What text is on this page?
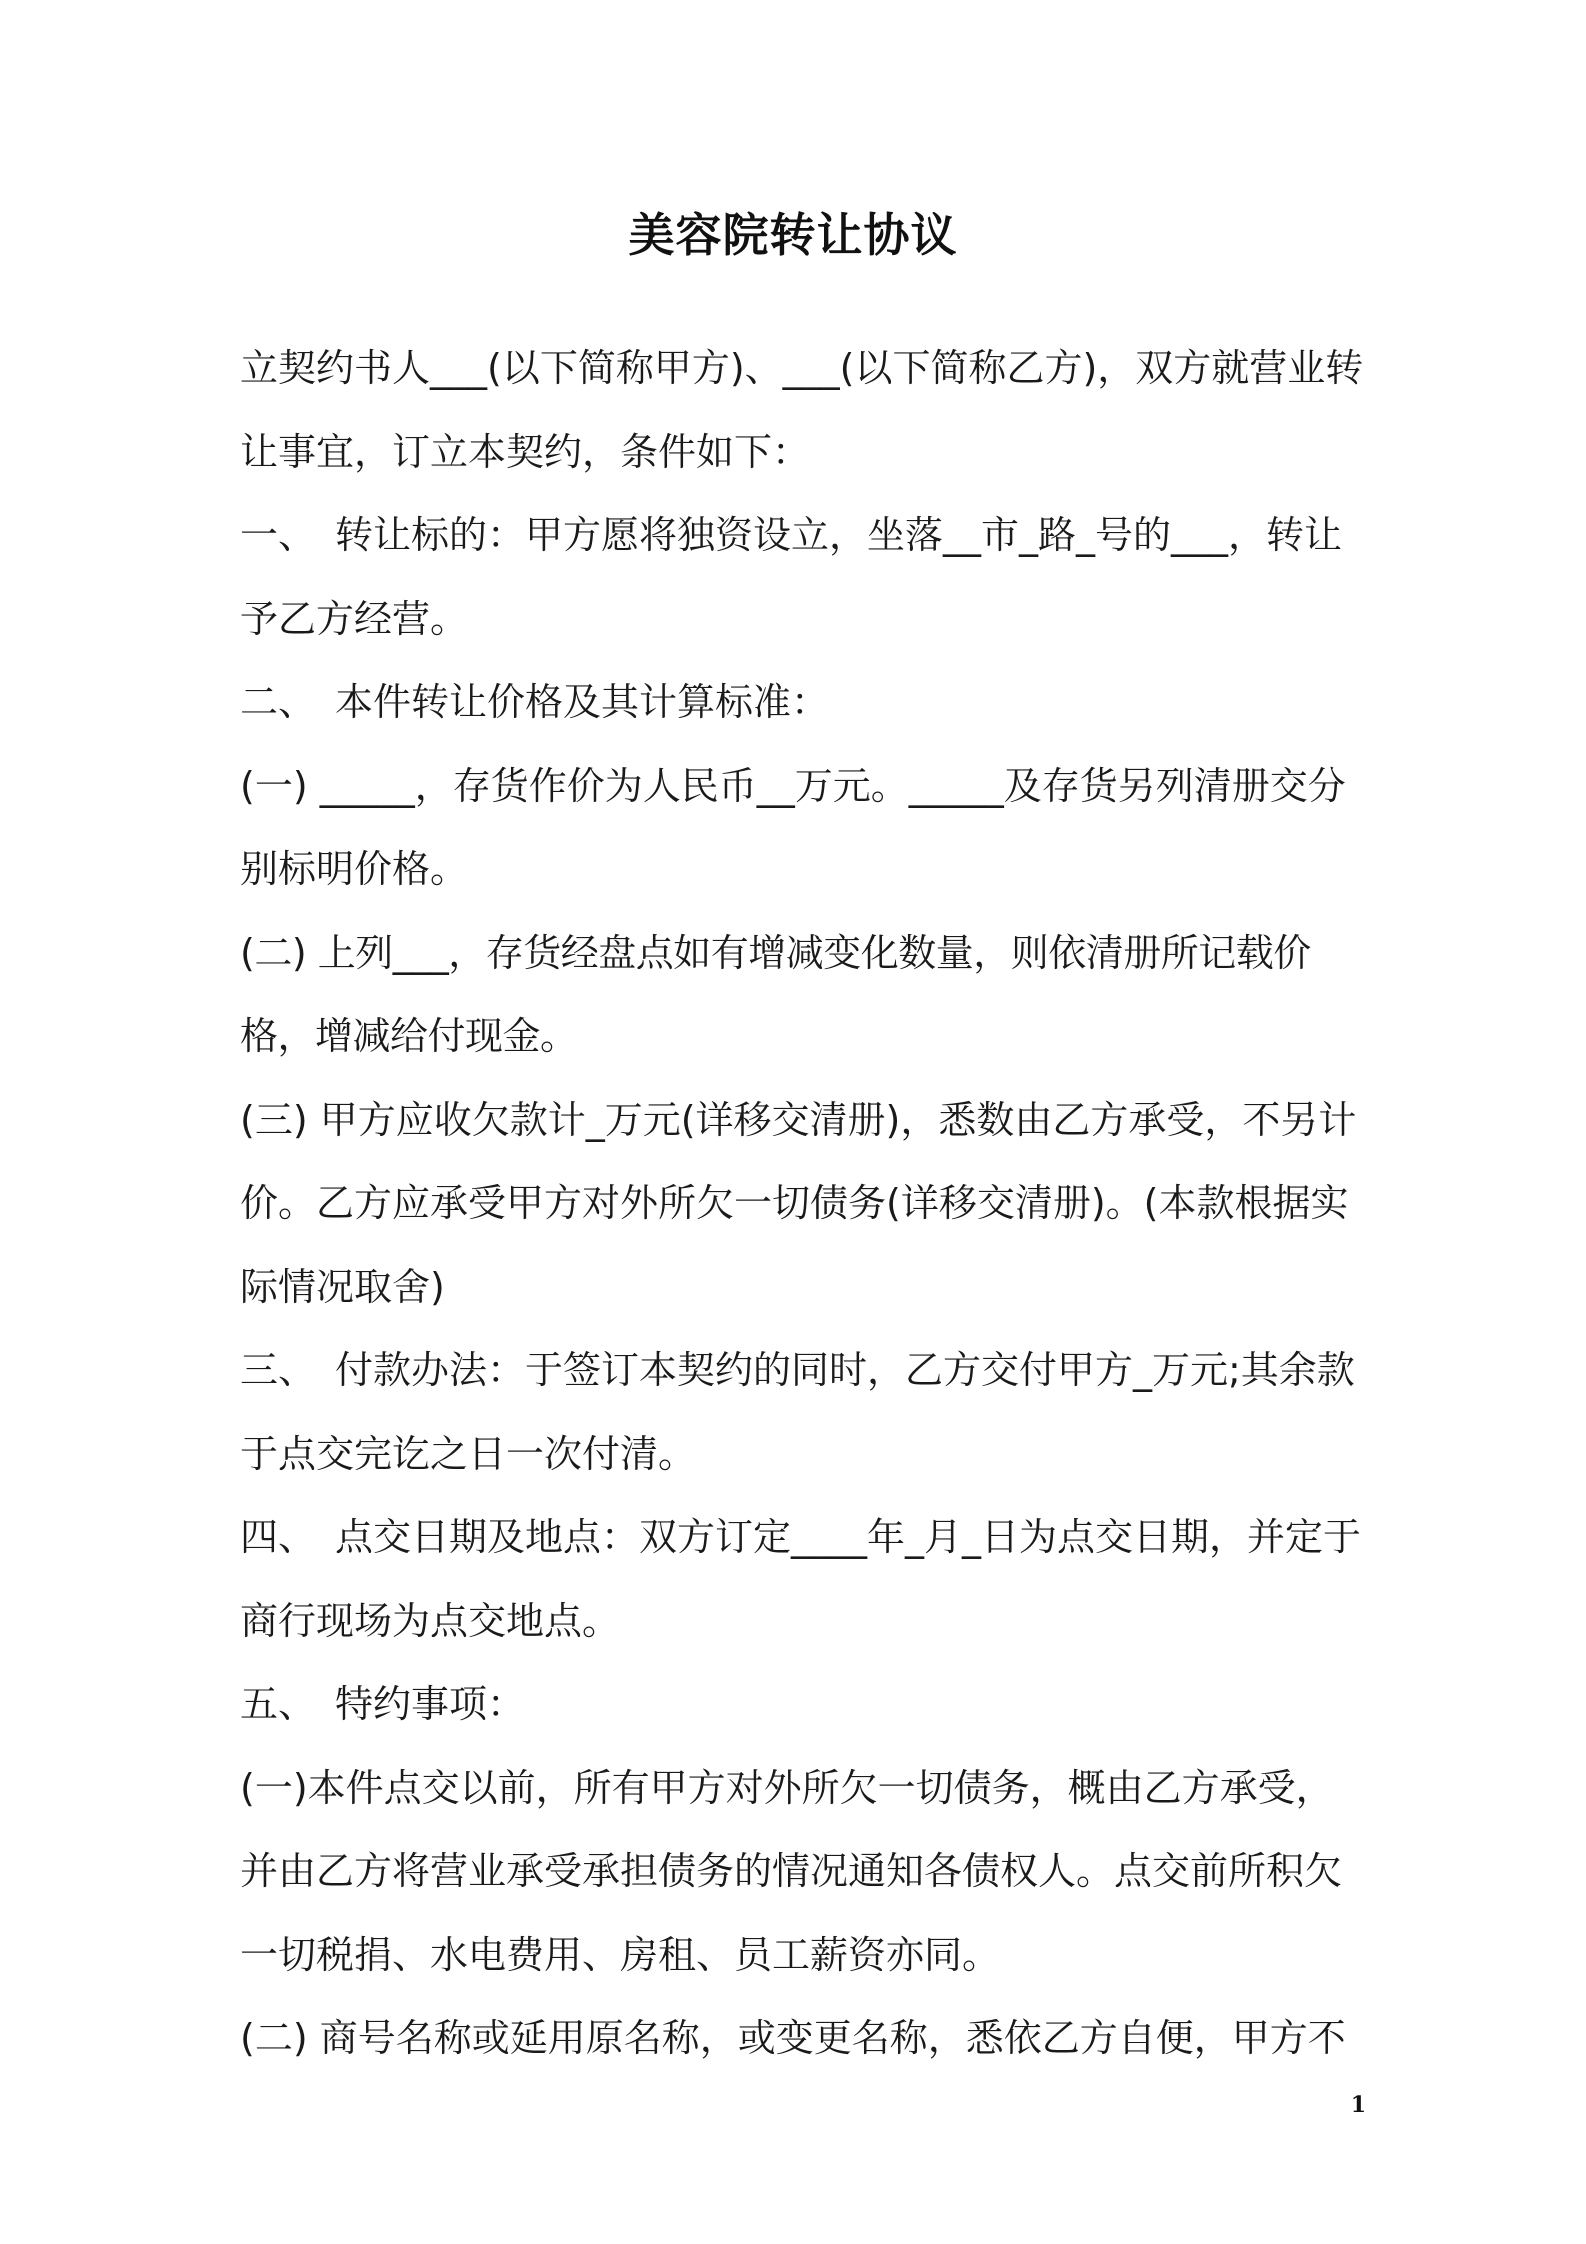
美容院转让协议

立契约书人___(以下简称甲方)、___(以下简称乙方)，双方就营业转让事宜，订立本契约，条件如下：

一、　转让标的：甲方愿将独资设立，坐落__市_路_号的___，转让予乙方经营。

二、　本件转让价格及其计算标准：

(一) _____，存货作价为人民币__万元。_____及存货另列清册交分别标明价格。

(二) 上列___，存货经盘点如有增减变化数量，则依清册所记载价格，增减给付现金。

(三) 甲方应收欠款计_万元(详移交清册)，悉数由乙方承受，不另计价。乙方应承受甲方对外所欠一切债务(详移交清册)。(本款根据实际情况取舍)

三、　付款办法：于签订本契约的同时，乙方交付甲方_万元;其余款于点交完讫之日一次付清。

四、　点交日期及地点：双方订定____年_月_日为点交日期，并定于商行现场为点交地点。

五、　特约事项：

(一)本件点交以前，所有甲方对外所欠一切债务，概由乙方承受，并由乙方将营业承受承担债务的情况通知各债权人。点交前所积欠一切税捐、水电费用、房租、员工薪资亦同。

(二) 商号名称或延用原名称，或变更名称，悉依乙方自便，甲方不

1
